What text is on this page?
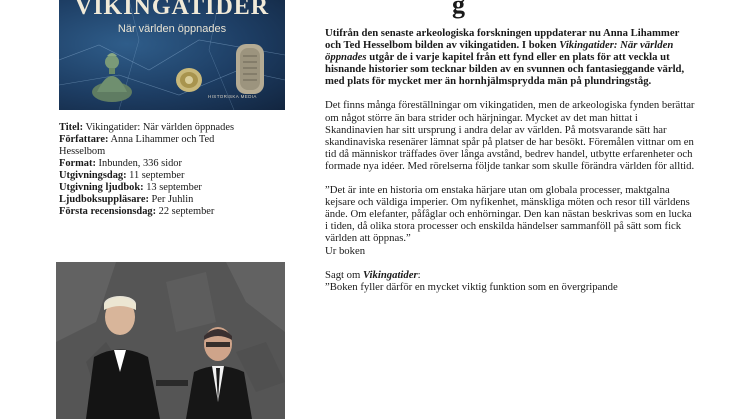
g
VIKINGATIDER
När världen öppnades
HISTORISKA MEDIA
Titel: Vikingatider: När världen öppnades
Författare: Anna Lihammer och Ted Hesselbom
Format: Inbunden, 336 sidor
Utgivningsdag: 11 september
Utgivning ljudbok: 13 september
Ljudboksuppläsare: Per Juhlin
Första recensionsdag: 22 september

Utifrån den senaste arkeologiska forskningen uppdaterar nu Anna Lihammer och Ted Hesselbom bilden av vikingatiden. I boken Vikingatider: När världen öppnades utgår de i varje kapitel från ett fynd eller en plats för att veckla ut hisnande historier som tecknar bilden av en svunnen och fantasieggande värld, med plats för mycket mer än hornhjälmsprydda män på plundringståg.

Det finns många föreställningar om vikingatiden, men de arkeologiska fynden berättar om något större än bara strider och härjningar. Mycket av det man hittat i Skandinavien har sitt ursprung i andra delar av världen. På motsvarande sätt har skandinaviska resenärer lämnat spår på platser de har besökt. Föremålen vittnar om en tid då människor träffades över långa avstånd, bedrev handel, utbytte erfarenheter och formade nya idéer. Med rörelserna följde tankar som skulle förändra världen för alltid.

”Det är inte en historia om enstaka härjare utan om globala processer, maktgalna kejsare och väldiga imperier. Om nyfikenhet, mänskliga möten och resor till världens ände. Om elefanter, påfåglar och enhörningar. Den kan nästan beskrivas som en lucka i tiden, då olika stora processer och enskilda händelser sammanföll på sätt som fick världen att öppnas.”

Ur boken

Sagt om Vikingatider:

”Boken fyller därför en mycket viktig funktion som en övergripande
